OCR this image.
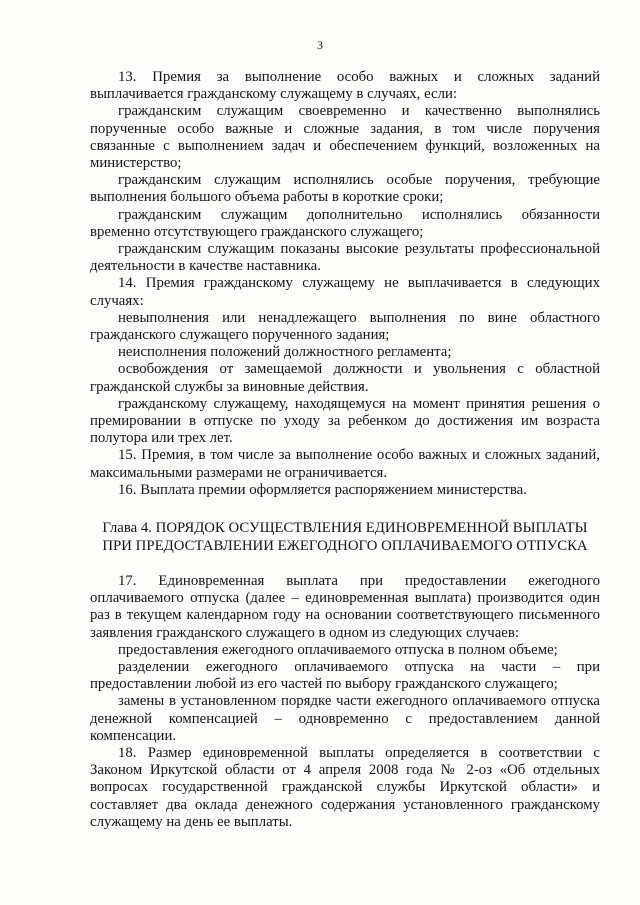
3

13. Премия за выполнение особо важных и сложных заданий выплачивается гражданскому служащему в случаях, если:

гражданским служащим своевременно и качественно выполнялись порученные особо важные и сложные задания, в том числе поручения связанные с выполнением задач и обеспечением функций, возложенных на министерство;

гражданским служащим исполнялись особые поручения, требующие выполнения большого объема работы в короткие сроки;

гражданским служащим дополнительно исполнялись обязанности временно отсутствующего гражданского служащего;

гражданским служащим показаны высокие результаты профессиональной деятельности в качестве наставника.

14. Премия гражданскому служащему не выплачивается в следующих случаях:

невыполнения или ненадлежащего выполнения по вине областного гражданского служащего порученного задания;

неисполнения положений должностного регламента;

освобождения от замещаемой должности и увольнения с областной гражданской службы за виновные действия.

гражданскому служащему, находящемуся на момент принятия решения о премировании в отпуске по уходу за ребенком до достижения им возраста полутора или трех лет.

15. Премия, в том числе за выполнение особо важных и сложных заданий, максимальными размерами не ограничивается.

16. Выплата премии оформляется распоряжением министерства.

Глава 4. ПОРЯДОК ОСУЩЕСТВЛЕНИЯ ЕДИНОВРЕМЕННОЙ ВЫПЛАТЫ
ПРИ ПРЕДОСТАВЛЕНИИ ЕЖЕГОДНОГО ОПЛАЧИВАЕМОГО ОТПУСКА

17. Единовременная выплата при предоставлении ежегодного оплачиваемого отпуска (далее – единовременная выплата) производится один раз в текущем календарном году на основании соответствующего письменного заявления гражданского служащего в одном из следующих случаев:

предоставления ежегодного оплачиваемого отпуска в полном объеме;

разделении ежегодного оплачиваемого отпуска на части – при предоставлении любой из его частей по выбору гражданского служащего;

замены в установленном порядке части ежегодного оплачиваемого отпуска денежной компенсацией – одновременно с предоставлением данной компенсации.

18. Размер единовременной выплаты определяется в соответствии с Законом Иркутской области от 4 апреля 2008 года № 2-оз «Об отдельных вопросах государственной гражданской службы Иркутской области» и составляет два оклада денежного содержания установленного гражданскому служащему на день ее выплаты.
